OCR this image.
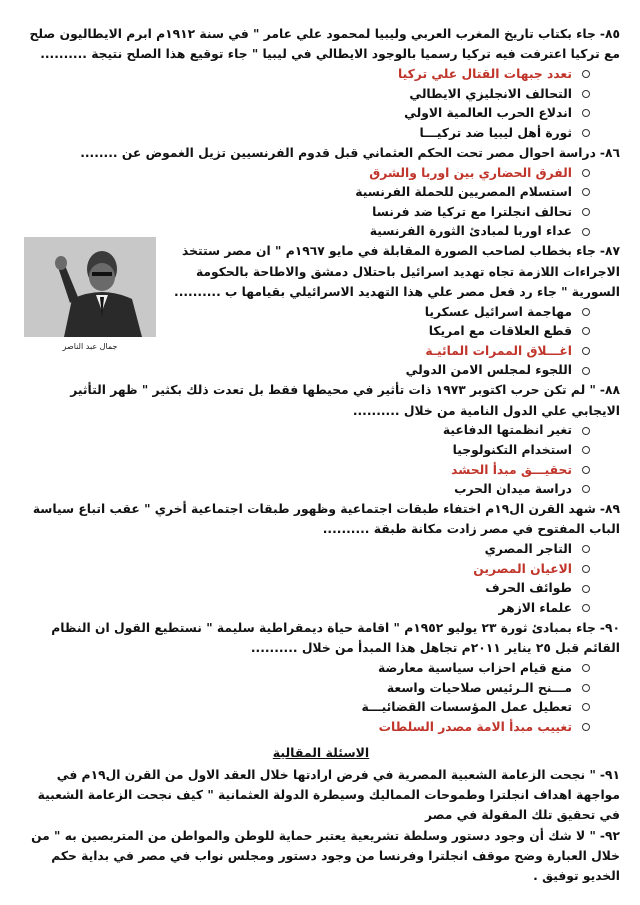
٨٥-جاء بكتاب تاريخ المغرب العربي وليبيا لمحمود علي عامر " في سنة ١٩١٢م ابرم الايطاليون صلح مع تركيا اعترفت فيه تركيا رسميا بالوجود الايطالي في ليبيا " جاء توقيع هذا الصلح نتيجة ..........

تعدد جبهات القتال علي تركيا
التحالف الانجليزي الايطالي
اندلاع الحرب العالمية الاولي
ثورة أهل ليبيا ضد تركيـــا

٨٦-دراسة احوال مصر تحت الحكم العثماني قبل قدوم الفرنسيين تزيل الغموض عن ........

الفرق الحضاري بين اوربا والشرق
استسلام المصريين للحملة الفرنسية
تحالف انجلترا مع تركيا ضد فرنسا
عداء اوربا لمبادئ الثورة الفرنسية
جمال عبد الناصر

٨٧-جاء بخطاب لصاحب الصورة المقابلة في مايو ١٩٦٧م " ان مصر ستتخذ الاجراءات اللازمة تجاه تهديد اسرائيل باحتلال دمشق والاطاحة بالحكومة السورية " جاء رد فعل مصر علي هذا التهديد الاسرائيلي بقيامها ب ..........

مهاجمة اسرائيل عسكريا
قطع العلاقات مع امريكا
اغـــلاق الممرات المائيـة
اللجوء لمجلس الامن الدولي

٨٨-" لم تكن حرب اكتوبر ١٩٧٣ ذات تأثير في محيطها فقط بل تعدت ذلك بكثير " ظهر التأثير الايجابي علي الدول النامية من خلال ..........

تغير انظمتها الدفاعية
استخدام التكنولوجيا
تحقيـــق مبدأ الحشد
دراسة ميدان الحرب

٨٩-شهد القرن ال١٩م اختفاء طبقات اجتماعية وظهور طبقات اجتماعية أخري " عقب اتباع سياسة الباب المفتوح في مصر زادت مكانة طبقة ..........

التاجر المصري
الاعيان المصرين
طوائف الحرف
علماء الازهر

٩٠-جاء بمبادئ ثورة ٢٣ يوليو ١٩٥٢م " اقامة حياة ديمقراطية سليمة " نستطيع القول ان النظام القائم قبل ٢٥ يناير ٢٠١١م تجاهل هذا المبدأ من خلال ..........

منع قيام احزاب سياسية معارضة
مـــنح الـرئيس صلاحيات واسعة
تعطيل عمل المؤسسات القضائيـــة
تغييب مبدأ الامة مصدر السلطات
الاسئلة المقالية

٩١-" نجحت الزعامة الشعبية المصرية في فرض ارادتها خلال العقد الاول من القرن ال١٩م في مواجهة اهداف انجلترا وطموحات المماليك وسيطرة الدولة العثمانية " كيف نجحت الزعامة الشعبية في تحقيق تلك المقولة في مصر

٩٢-" لا شك أن وجود دستور وسلطة تشريعية يعتبر حماية للوطن والمواطن من المتربصين به " من خلال العبارة وضح موقف انجلترا وفرنسا من وجود دستور ومجلس نواب في مصر في بداية حكم الخديو توفيق .
